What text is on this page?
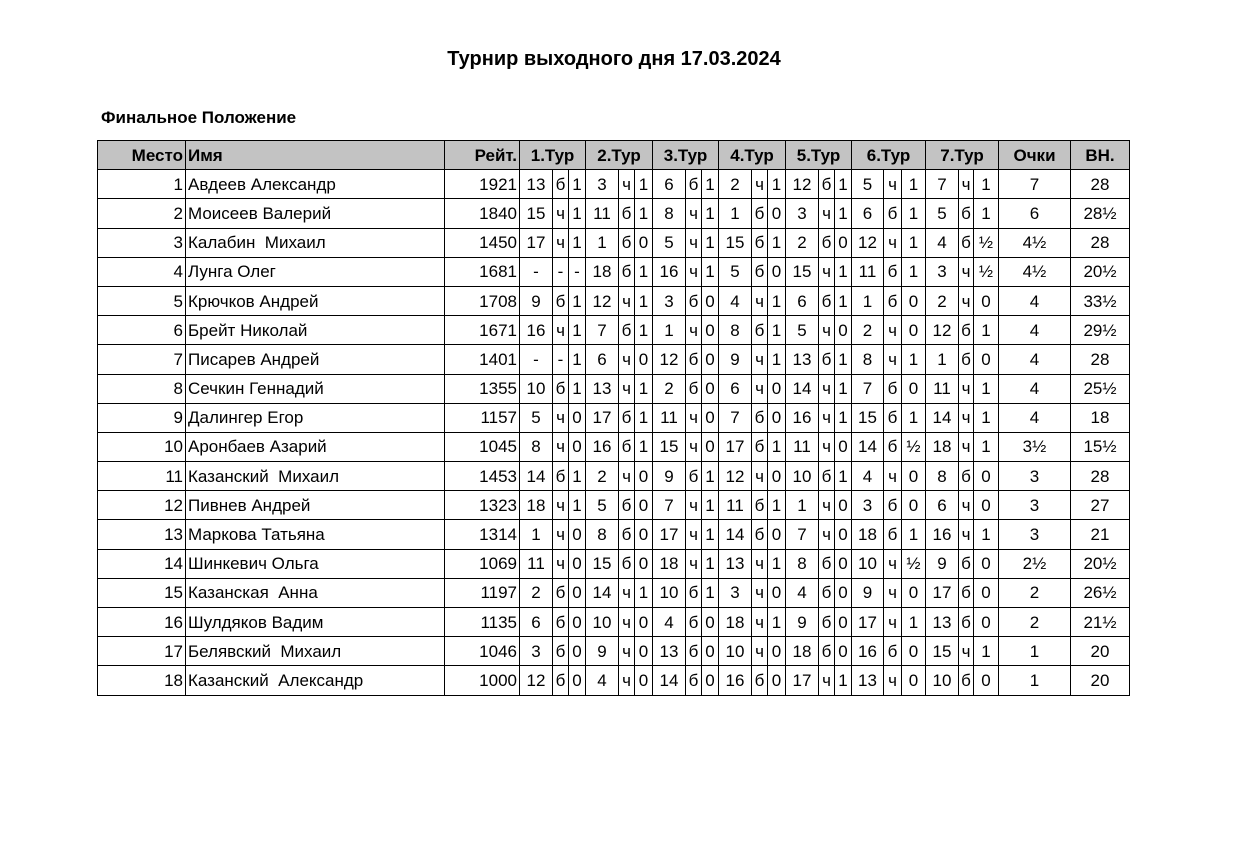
Турнир выходного дня 17.03.2024
Финальное Положение
Место	Имя	Рейт.	1.Тур			2.Тур			3.Тур			4.Тур			5.Тур			6.Тур			7.Тур			Очки	ВН.
1	Авдеев Александр	1921	13	б	1	3	ч	1	6	б	1	2	ч	1	12	б	1	5	ч	1	7	ч	1	7	28
2	Моисеев Валерий	1840	15	ч	1	11	б	1	8	ч	1	1	б	0	3	ч	1	6	б	1	5	б	1	6	28½
3	Калабин  Михаил	1450	17	ч	1	1	б	0	5	ч	1	15	б	1	2	б	0	12	ч	1	4	б	½	4½	28
4	Лунга Олег	1681	-	-	-	18	б	1	16	ч	1	5	б	0	15	ч	1	11	б	1	3	ч	½	4½	20½
5	Крючков Андрей	1708	9	б	1	12	ч	1	3	б	0	4	ч	1	6	б	1	1	б	0	2	ч	0	4	33½
6	Брейт Николай	1671	16	ч	1	7	б	1	1	ч	0	8	б	1	5	ч	0	2	ч	0	12	б	1	4	29½
7	Писарев Андрей	1401	-	-	1	6	ч	0	12	б	0	9	ч	1	13	б	1	8	ч	1	1	б	0	4	28
8	Сечкин Геннадий	1355	10	б	1	13	ч	1	2	б	0	6	ч	0	14	ч	1	7	б	0	11	ч	1	4	25½
9	Далингер Егор	1157	5	ч	0	17	б	1	11	ч	0	7	б	0	16	ч	1	15	б	1	14	ч	1	4	18
10	Аронбаев Азарий	1045	8	ч	0	16	б	1	15	ч	0	17	б	1	11	ч	0	14	б	½	18	ч	1	3½	15½
11	Казанский  Михаил	1453	14	б	1	2	ч	0	9	б	1	12	ч	0	10	б	1	4	ч	0	8	б	0	3	28
12	Пивнев Андрей	1323	18	ч	1	5	б	0	7	ч	1	11	б	1	1	ч	0	3	б	0	6	ч	0	3	27
13	Маркова Татьяна	1314	1	ч	0	8	б	0	17	ч	1	14	б	0	7	ч	0	18	б	1	16	ч	1	3	21
14	Шинкевич Ольга	1069	11	ч	0	15	б	0	18	ч	1	13	ч	1	8	б	0	10	ч	½	9	б	0	2½	20½
15	Казанская  Анна	1197	2	б	0	14	ч	1	10	б	1	3	ч	0	4	б	0	9	ч	0	17	б	0	2	26½
16	Шулдяков Вадим	1135	6	б	0	10	ч	0	4	б	0	18	ч	1	9	б	0	17	ч	1	13	б	0	2	21½
17	Белявский  Михаил	1046	3	б	0	9	ч	0	13	б	0	10	ч	0	18	б	0	16	б	0	15	ч	1	1	20
18	Казанский  Александр	1000	12	б	0	4	ч	0	14	б	0	16	б	0	17	ч	1	13	ч	0	10	б	0	1	20
